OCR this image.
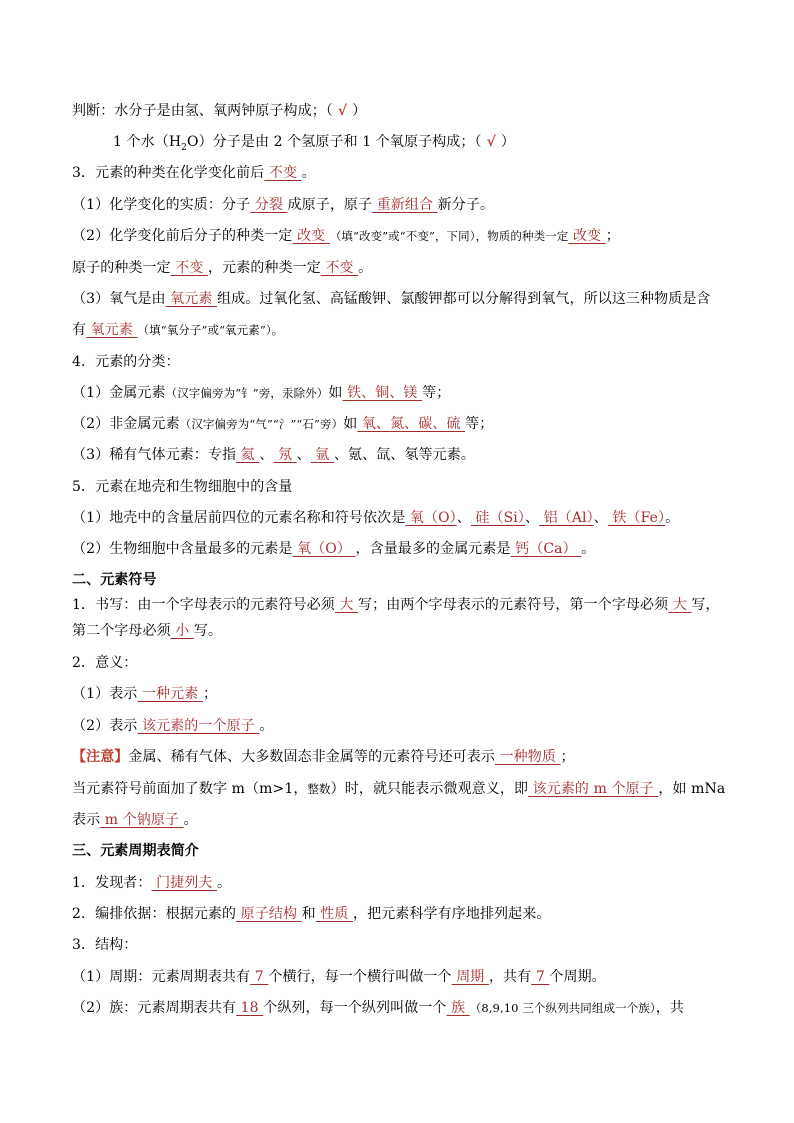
判断：水分子是由氢、氧两钟原子构成；（ √ ）
1 个水$(H_2O)$分子是由 2 个氢原子和 1 个氧原子构成；（ √ ）
3．元素的种类在化学变化前后 不变 。
（1）化学变化的实质：分子 分裂 成原子，原子 重新组合 新分子。
（2）化学变化前后分子的种类一定 改变 （填“改变”或“不变”，下同），物质的种类一定 改变 ；
原子的种类一定 不变 ，元素的种类一定 不变 。
（3）氧气是由 氧元素 组成。过氧化氢、高锰酸钾、氯酸钾都可以分解得到氧气，所以这三种物质是含
有 氧元素 （填“氧分子”或“氧元素”）。
4．元素的分类：
（1）金属元素（汉字偏旁为“钅”旁，汞除外）如 铁、铜、镁 等；
（2）非金属元素（汉字偏旁为“气”“氵”“石”旁）如 氧、氮、碳、硫 等；
（3）稀有气体元素：专指 氦 、 氖 、 氩 、氪、氙、氡等元素。
5．元素在地壳和生物细胞中的含量
（1）地壳中的含量居前四位的元素名称和符号依次是 氧（O）、 硅（Si）、 铝（Al）、 铁（Fe）。
（2）生物细胞中含量最多的元素是 氧（O） ，含量最多的金属元素是 钙（Ca） 。
二、元素符号
1．书写：由一个字母表示的元素符号必须 大 写；由两个字母表示的元素符号，第一个字母必须 大 写，
第二个字母必须 小 写。
2．意义：
（1）表示 一种元素 ；
（2）表示 该元素的一个原子 。
【注意】金属、稀有气体、大多数固态非金属等的元素符号还可表示 一种物质 ；
当元素符号前面加了数字 m（m>1，整数）时，就只能表示微观意义，即 该元素的 m 个原子 ，如 mNa
表示 m 个钠原子 。
三、元素周期表简介
1．发现者： 门捷列夫 。
2．编排依据：根据元素的 原子结构 和 性质 ，把元素科学有序地排列起来。
3．结构：
（1）周期：元素周期表共有 7 个横行，每一个横行叫做一个 周期 ，共有 7 个周期。
（2）族：元素周期表共有 18 个纵列，每一个纵列叫做一个 族 （8,9,10 三个纵列共同组成一个族），共
